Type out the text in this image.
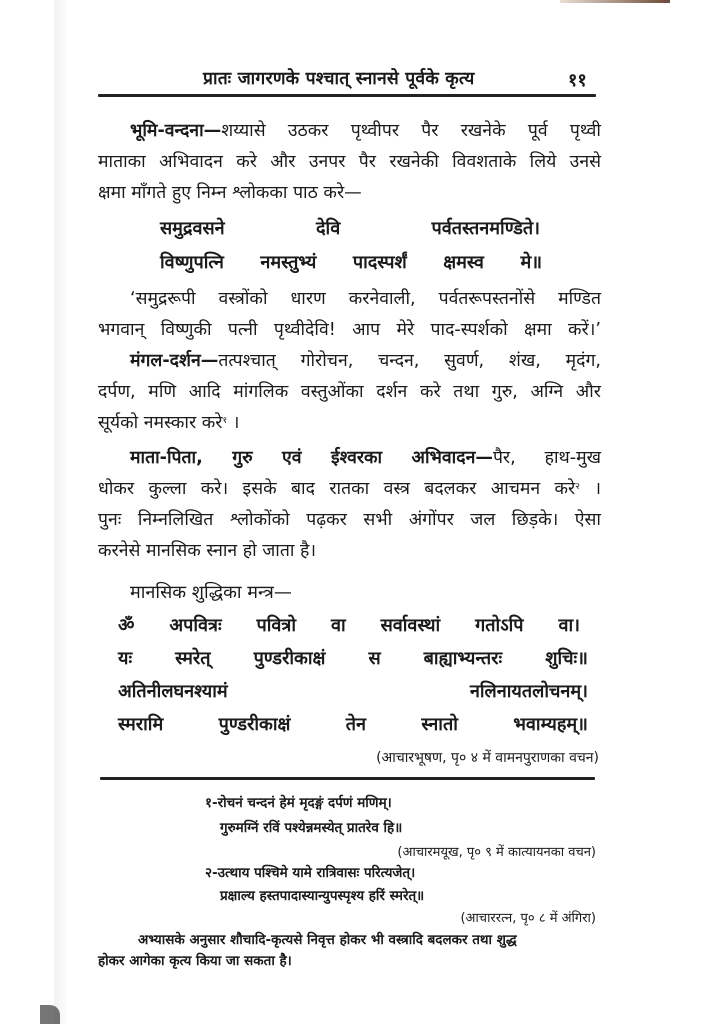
प्रातः जागरणके पश्चात् स्नानसे पूर्वके कृत्य	११
भूमि-वन्दना—शय्यासे उठकर पृथ्वीपर पैर रखनेके पूर्व पृथ्वी
माताका अभिवादन करे और उनपर पैर रखनेकी विवशताके लिये उनसे
क्षमा माँगते हुए निम्न श्लोकका पाठ करे—
समुद्रवसने	देवि	पर्वतस्तनमण्डिते।
विष्णुपत्नि नमस्तुभ्यं पादस्पर्शं क्षमस्व मे॥
‘समुद्ररूपी वस्त्रोंको धारण करनेवाली, पर्वतरूपस्तनोंसे मण्डित
भगवान् विष्णुकी पत्नी पृथ्वीदेवि! आप मेरे पाद-स्पर्शको क्षमा करें।’
मंगल-दर्शन—तत्पश्चात् गोरोचन, चन्दन, सुवर्ण, शंख, मृदंग,
दर्पण, मणि आदि मांगलिक वस्तुओंका दर्शन करे तथा गुरु, अग्नि और
सूर्यको नमस्कार करे$^१$ ।
माता-पिता, गुरु एवं ईश्वरका अभिवादन—पैर, हाथ-मुख
धोकर कुल्ला करे। इसके बाद रातका वस्त्र बदलकर आचमन करे$^२$ ।
पुनः निम्नलिखित श्लोकोंको पढ़कर सभी अंगोंपर जल छिड़के। ऐसा
करनेसे मानसिक स्नान हो जाता है।
मानसिक शुद्धिका मन्त्र—
ॐ अपवित्रः पवित्रो वा सर्वावस्थां गतोऽपि वा।
यः स्मरेत् पुण्डरीकाक्षं स बाह्याभ्यन्तरः शुचिः॥
अतिनीलघनश्यामं	नलिनायतलोचनम्।
स्मरामि	पुण्डरीकाक्षं	तेन	स्नातो	भवाम्यहम्॥
(आचारभूषण, पृ० ४ में वामनपुराणका वचन)
१-रोचनं चन्दनं हेमं मृदङ्गं दर्पणं मणिम्।
गुरुमग्निं रविं पश्येन्नमस्येत् प्रातरेव हि॥
(आचारमयूख, पृ० ९ में कात्यायनका वचन)
२-उत्थाय पश्चिमे यामे रात्रिवासः परित्यजेत्।
प्रक्षाल्य हस्तपादास्यान्युपस्पृश्य हरिं स्मरेत्॥
(आचाररत्न, पृ० ८ में अंगिरा)
अभ्यासके अनुसार शौचादि-कृत्यसे निवृत्त होकर भी वस्त्रादि बदलकर तथा शुद्ध
होकर आगेका कृत्य किया जा सकता है।
